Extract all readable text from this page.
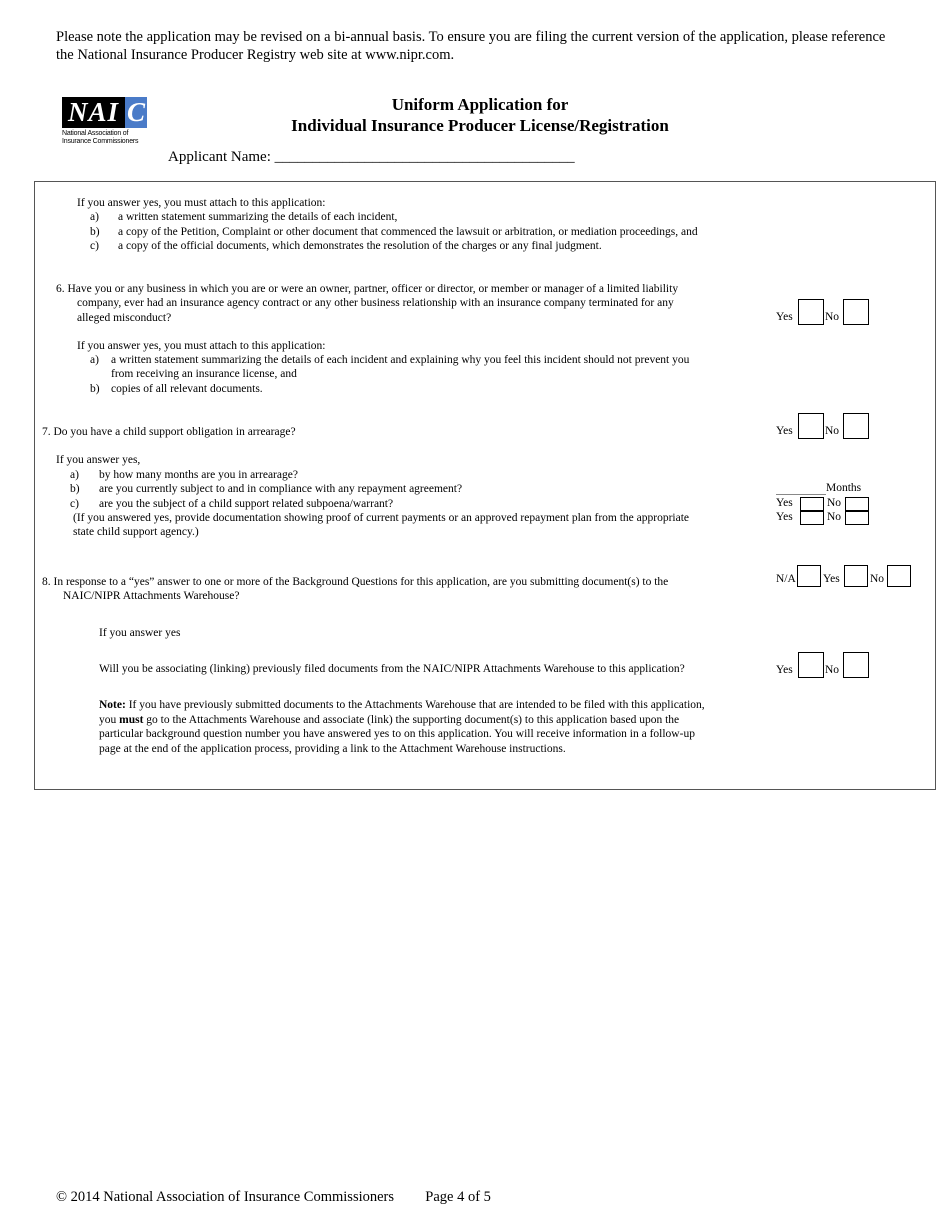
Please note the application may be revised on a bi-annual basis. To ensure you are filing the current version of the application, please reference the National Insurance Producer Registry web site at www.nipr.com.
NAI C
National Association of
Insurance Commissioners
Uniform Application for
Individual Insurance Producer License/Registration
Applicant Name: ________________________________________
If you answer yes, you must attach to this application:
a) a written statement summarizing the details of each incident,
b) a copy of the Petition, Complaint or other document that commenced the lawsuit or arbitration, or mediation proceedings, and
c) a copy of the official documents, which demonstrates the resolution of the charges or any final judgment.
6. Have you or any business in which you are or were an owner, partner, officer or director, or member or manager of a limited liability
company, ever had an insurance agency contract or any other business relationship with an insurance company terminated for any
alleged misconduct?	Yes	No
If you answer yes, you must attach to this application:
a) a written statement summarizing the details of each incident and explaining why you feel this incident should not prevent you
from receiving an insurance license, and
b) copies of all relevant documents.
7. Do you have a child support obligation in arrearage?	Yes	No
If you answer yes,
a) by how many months are you in arrearage?
b) are you currently subject to and in compliance with any repayment agreement?
c) are you the subject of a child support related subpoena/warrant?
(If you answered yes, provide documentation showing proof of current payments or an approved repayment plan from the appropriate
state child support agency.)
Months
Yes	No
Yes	No
8. In response to a “yes” answer to one or more of the Background Questions for this application, are you submitting document(s) to the
NAIC/NIPR Attachments Warehouse?
N/A Yes	No
If you answer yes
Will you be associating (linking) previously filed documents from the NAIC/NIPR Attachments Warehouse to this application?	Yes	No
Note: If you have previously submitted documents to the Attachments Warehouse that are intended to be filed with this application,
you must go to the Attachments Warehouse and associate (link) the supporting document(s) to this application based upon the
particular background question number you have answered yes to on this application. You will receive information in a follow-up
page at the end of the application process, providing a link to the Attachment Warehouse instructions.
© 2014 National Association of Insurance Commissioners Page 4 of 5
